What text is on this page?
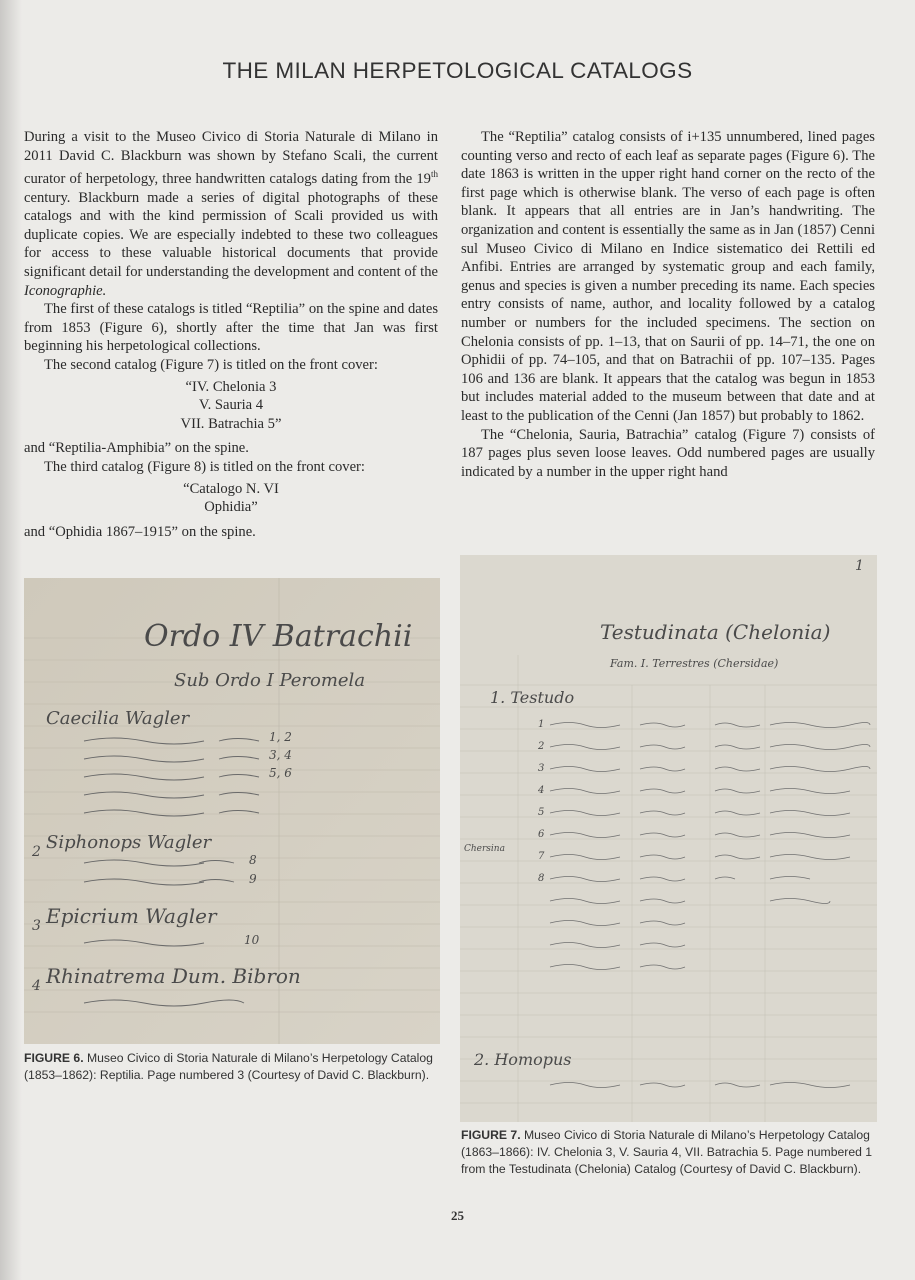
THE MILAN HERPETOLOGICAL CATALOGS

During a visit to the Museo Civico di Storia Naturale di Milano in 2011 David C. Blackburn was shown by Stefano Scali, the current curator of herpetology, three handwritten catalogs dating from the 19th century. Blackburn made a series of digital photographs of these catalogs and with the kind permission of Scali provided us with duplicate copies. We are especially indebted to these two colleagues for access to these valuable historical documents that provide significant detail for understanding the development and content of the Iconographie.

The first of these catalogs is titled “Reptilia” on the spine and dates from 1853 (Figure 6), shortly after the time that Jan was first beginning his herpetological collections.

The second catalog (Figure 7) is titled on the front cover:

“IV. Chelonia 3
V. Sauria 4
VII. Batrachia 5”

and “Reptilia-Amphibia” on the spine.

The third catalog (Figure 8) is titled on the front cover:

“Catalogo N. VI
Ophidia”

and “Ophidia 1867–1915” on the spine.

The “Reptilia” catalog consists of i+135 unnumbered, lined pages counting verso and recto of each leaf as separate pages (Figure 6). The date 1863 is written in the upper right hand corner on the recto of the first page which is otherwise blank. The verso of each page is often blank. It appears that all entries are in Jan’s handwriting. The organization and content is essentially the same as in Jan (1857) Cenni sul Museo Civico di Milano en Indice sistematico dei Rettili ed Anfibi. Entries are arranged by systematic group and each family, genus and species is given a number preceding its name. Each species entry consists of name, author, and locality followed by a catalog number or numbers for the included specimens. The section on Chelonia consists of pp. 1–13, that on Saurii of pp. 14–71, the one on Ophidii of pp. 74–105, and that on Batrachii of pp. 107–135. Pages 106 and 136 are blank. It appears that the catalog was begun in 1853 but includes material added to the museum between that date and at least to the publication of the Cenni (Jan 1857) but probably to 1862.

The “Chelonia, Sauria, Batrachia” catalog (Figure 7) consists of 187 pages plus seven loose leaves. Odd numbered pages are usually indicated by a number in the upper right hand

Ordo IV Batrachii
Sub Ordo I Peromela
Caecilia Wagler
1, 2
3, 4
5, 6
2 Siphonops Wagler
8
9
3 Epicrium Wagler
10
4 Rhinatrema Dum. Bibron
1
Testudinata (Chelonia)
Fam. I. Terrestres (Chersidae)
1. Testudo
Chersina
1
2
3
4
5
6
7
8
2. Homopus
FIGURE 6. Museo Civico di Storia Naturale di Milano’s Herpetology Catalog (1853–1862): Reptilia. Page numbered 3 (Courtesy of David C. Blackburn).
FIGURE 7. Museo Civico di Storia Naturale di Milano’s Herpetology Catalog (1863–1866): IV. Chelonia 3, V. Sauria 4, VII. Batrachia 5. Page numbered 1 from the Testudinata (Chelonia) Catalog (Courtesy of David C. Blackburn).
25
